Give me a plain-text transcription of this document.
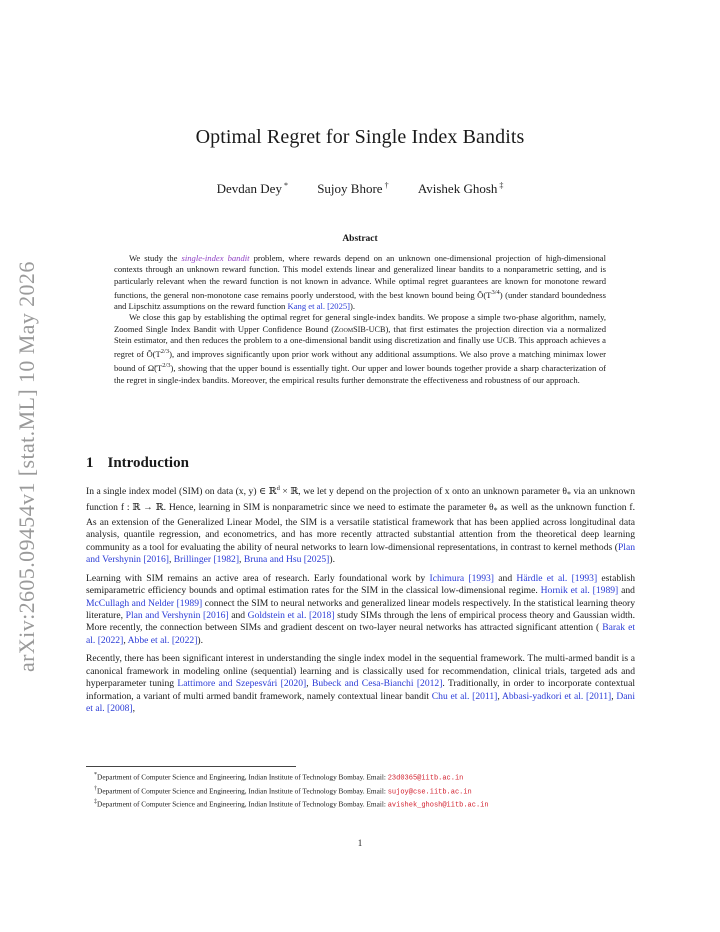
arXiv:2605.09454v1 [stat.ML] 10 May 2026
Optimal Regret for Single Index Bandits
Devdan Dey * Sujoy Bhore † Avishek Ghosh ‡
Abstract

We study the single-index bandit problem, where rewards depend on an unknown one-dimensional projection of high-dimensional contexts through an unknown reward function. This model extends linear and generalized linear bandits to a nonparametric setting, and is particularly relevant when the reward function is not known in advance. While optimal regret guarantees are known for monotone reward functions, the general non-monotone case remains poorly understood, with the best known bound being $Õ(T^{3/4})$ (under standard boundedness and Lipschitz assumptions on the reward function Kang et al. [2025]).

We close this gap by establishing the optimal regret for general single-index bandits. We propose a simple two-phase algorithm, namely, Zoomed Single Index Bandit with Upper Confidence Bound (ZoomSIB-UCB), that first estimates the projection direction via a normalized Stein estimator, and then reduces the problem to a one-dimensional bandit using discretization and finally use UCB. This approach achieves a regret of $Õ(T^{2/3})$, and improves significantly upon prior work without any additional assumptions. We also prove a matching minimax lower bound of $\Omegã(T^{2/3})$, showing that the upper bound is essentially tight. Our upper and lower bounds together provide a sharp characterization of the regret in single-index bandits. Moreover, the empirical results further demonstrate the effectiveness and robustness of our approach.

1 Introduction

In a single index model (SIM) on data (x, y) ∈ ℝ$^d$ × ℝ, we let y depend on the projection of x onto an unknown parameter $\theta_*$ via an unknown function f : ℝ → ℝ. Hence, learning in SIM is nonparametric since we need to estimate the parameter $\theta_*$ as well as the unknown function f. As an extension of the Generalized Linear Model, the SIM is a versatile statistical framework that has been applied across longitudinal data analysis, quantile regression, and econometrics, and has more recently attracted substantial attention from the theoretical deep learning community as a tool for evaluating the ability of neural networks to learn low-dimensional representations, in contrast to kernel methods (Plan and Vershynin [2016], Brillinger [1982], Bruna and Hsu [2025]).

Learning with SIM remains an active area of research. Early foundational work by Ichimura [1993] and Härdle et al. [1993] establish semiparametric efficiency bounds and optimal estimation rates for the SIM in the classical low-dimensional regime. Hornik et al. [1989] and McCullagh and Nelder [1989] connect the SIM to neural networks and generalized linear models respectively. In the statistical learning theory literature, Plan and Vershynin [2016] and Goldstein et al. [2018] study SIMs through the lens of empirical process theory and Gaussian width. More recently, the connection between SIMs and gradient descent on two-layer neural networks has attracted significant attention ( Barak et al. [2022], Abbe et al. [2022]).

Recently, there has been significant interest in understanding the single index model in the sequential framework. The multi-armed bandit is a canonical framework in modeling online (sequential) learning and is classically used for recommendation, clinical trials, targeted ads and hyperparameter tuning Lattimore and Szepesvári [2020], Bubeck and Cesa-Bianchi [2012]. Traditionally, in order to incorporate contextual information, a variant of multi armed bandit framework, namely contextual linear bandit Chu et al. [2011], Abbasi-yadkori et al. [2011], Dani et al. [2008],

*Department of Computer Science and Engineering, Indian Institute of Technology Bombay. Email: 23d0365@iitb.ac.in
†Department of Computer Science and Engineering, Indian Institute of Technology Bombay. Email: sujoy@cse.iitb.ac.in
‡Department of Computer Science and Engineering, Indian Institute of Technology Bombay. Email: avishek_ghosh@iitb.ac.in
1
